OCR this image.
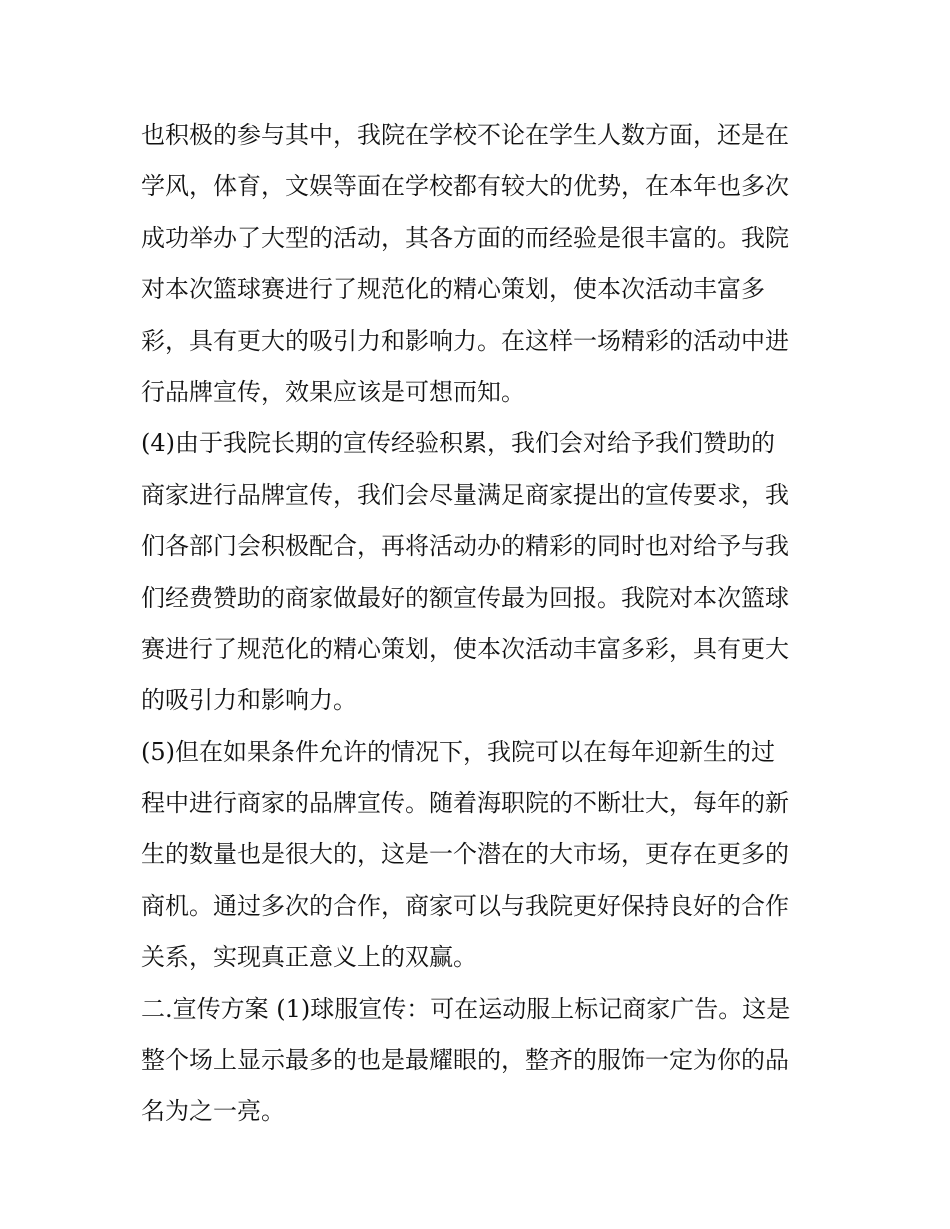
也积极的参与其中，我院在学校不论在学生人数方面，还是在
学风，体育，文娱等面在学校都有较大的优势，在本年也多次
成功举办了大型的活动，其各方面的而经验是很丰富的。我院
对本次篮球赛进行了规范化的精心策划，使本次活动丰富多
彩，具有更大的吸引力和影响力。在这样一场精彩的活动中进
行品牌宣传，效果应该是可想而知。
(4)由于我院长期的宣传经验积累，我们会对给予我们赞助的
商家进行品牌宣传，我们会尽量满足商家提出的宣传要求，我
们各部门会积极配合，再将活动办的精彩的同时也对给予与我
们经费赞助的商家做最好的额宣传最为回报。我院对本次篮球
赛进行了规范化的精心策划，使本次活动丰富多彩，具有更大
的吸引力和影响力。
(5)但在如果条件允许的情况下，我院可以在每年迎新生的过
程中进行商家的品牌宣传。随着海职院的不断壮大，每年的新
生的数量也是很大的，这是一个潜在的大市场，更存在更多的
商机。通过多次的合作，商家可以与我院更好保持良好的合作
关系，实现真正意义上的双赢。
二.宣传方案 (1)球服宣传：可在运动服上标记商家广告。这是
整个场上显示最多的也是最耀眼的，整齐的服饰一定为你的品
名为之一亮。
